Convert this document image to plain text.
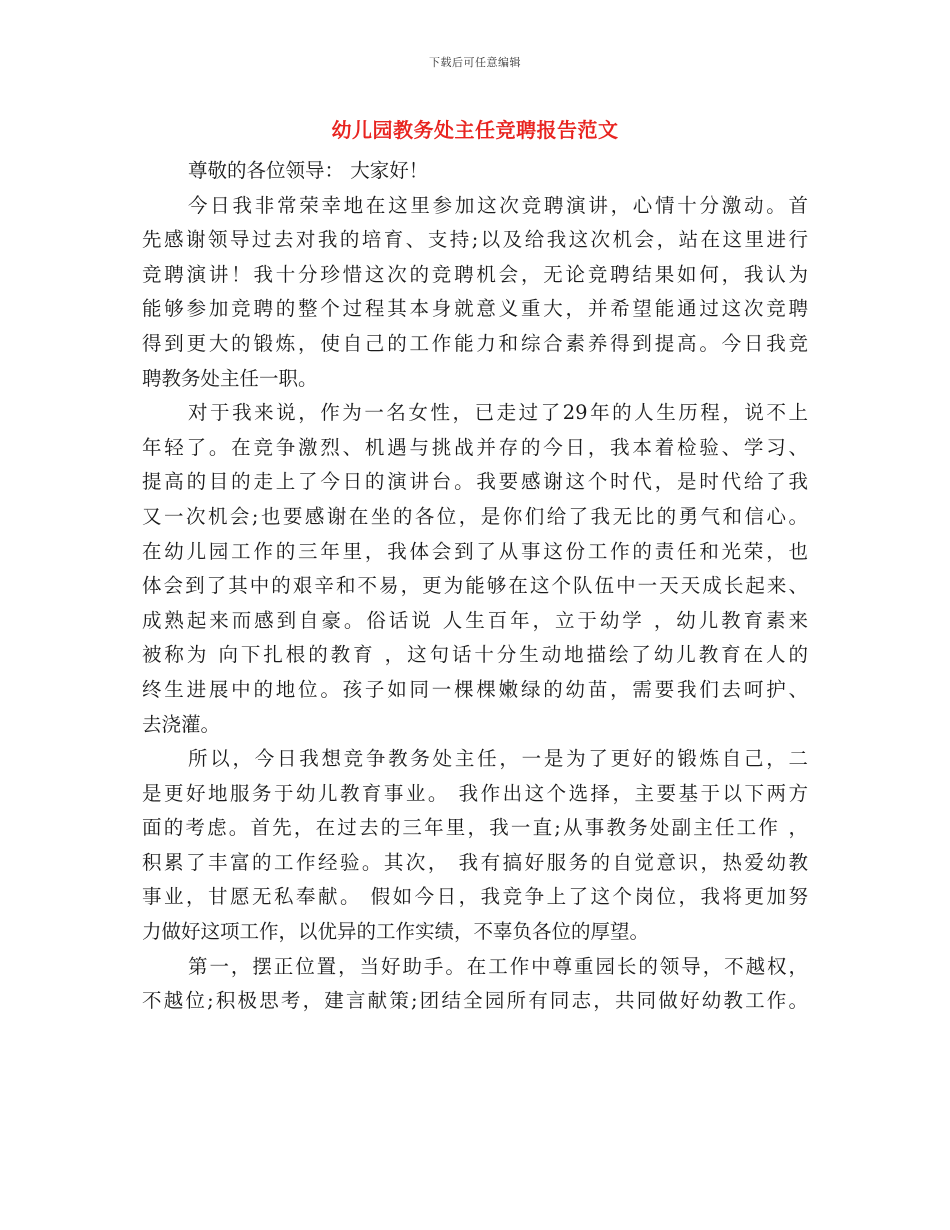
下载后可任意编辑
幼儿园教务处主任竞聘报告范文
尊敬的各位领导： 大家好！
今日我非常荣幸地在这里参加这次竞聘演讲，心情十分激动。首
先感谢领导过去对我的培育、支持;以及给我这次机会，站在这里进行
竞聘演讲！我十分珍惜这次的竞聘机会，无论竞聘结果如何，我认为
能够参加竞聘的整个过程其本身就意义重大，并希望能通过这次竞聘
得到更大的锻炼，使自己的工作能力和综合素养得到提高。今日我竞
聘教务处主任一职。
对于我来说，作为一名女性，已走过了29年的人生历程，说不上
年轻了。在竞争激烈、机遇与挑战并存的今日，我本着检验、学习、
提高的目的走上了今日的演讲台。我要感谢这个时代，是时代给了我
又一次机会;也要感谢在坐的各位，是你们给了我无比的勇气和信心。
在幼儿园工作的三年里，我体会到了从事这份工作的责任和光荣，也
体会到了其中的艰辛和不易，更为能够在这个队伍中一天天成长起来、
成熟起来而感到自豪。俗话说 人生百年，立于幼学 ，幼儿教育素来
被称为 向下扎根的教育 ，这句话十分生动地描绘了幼儿教育在人的
终生进展中的地位。孩子如同一棵棵嫩绿的幼苗，需要我们去呵护、
去浇灌。
所以，今日我想竞争教务处主任，一是为了更好的锻炼自己，二
是更好地服务于幼儿教育事业。 我作出这个选择，主要基于以下两方
面的考虑。首先，在过去的三年里，我一直;从事教务处副主任工作 ，
积累了丰富的工作经验。其次， 我有搞好服务的自觉意识，热爱幼教
事业，甘愿无私奉献。 假如今日，我竞争上了这个岗位，我将更加努
力做好这项工作，以优异的工作实绩，不辜负各位的厚望。
第一，摆正位置，当好助手。在工作中尊重园长的领导，不越权，
不越位;积极思考，建言献策;团结全园所有同志，共同做好幼教工作。
